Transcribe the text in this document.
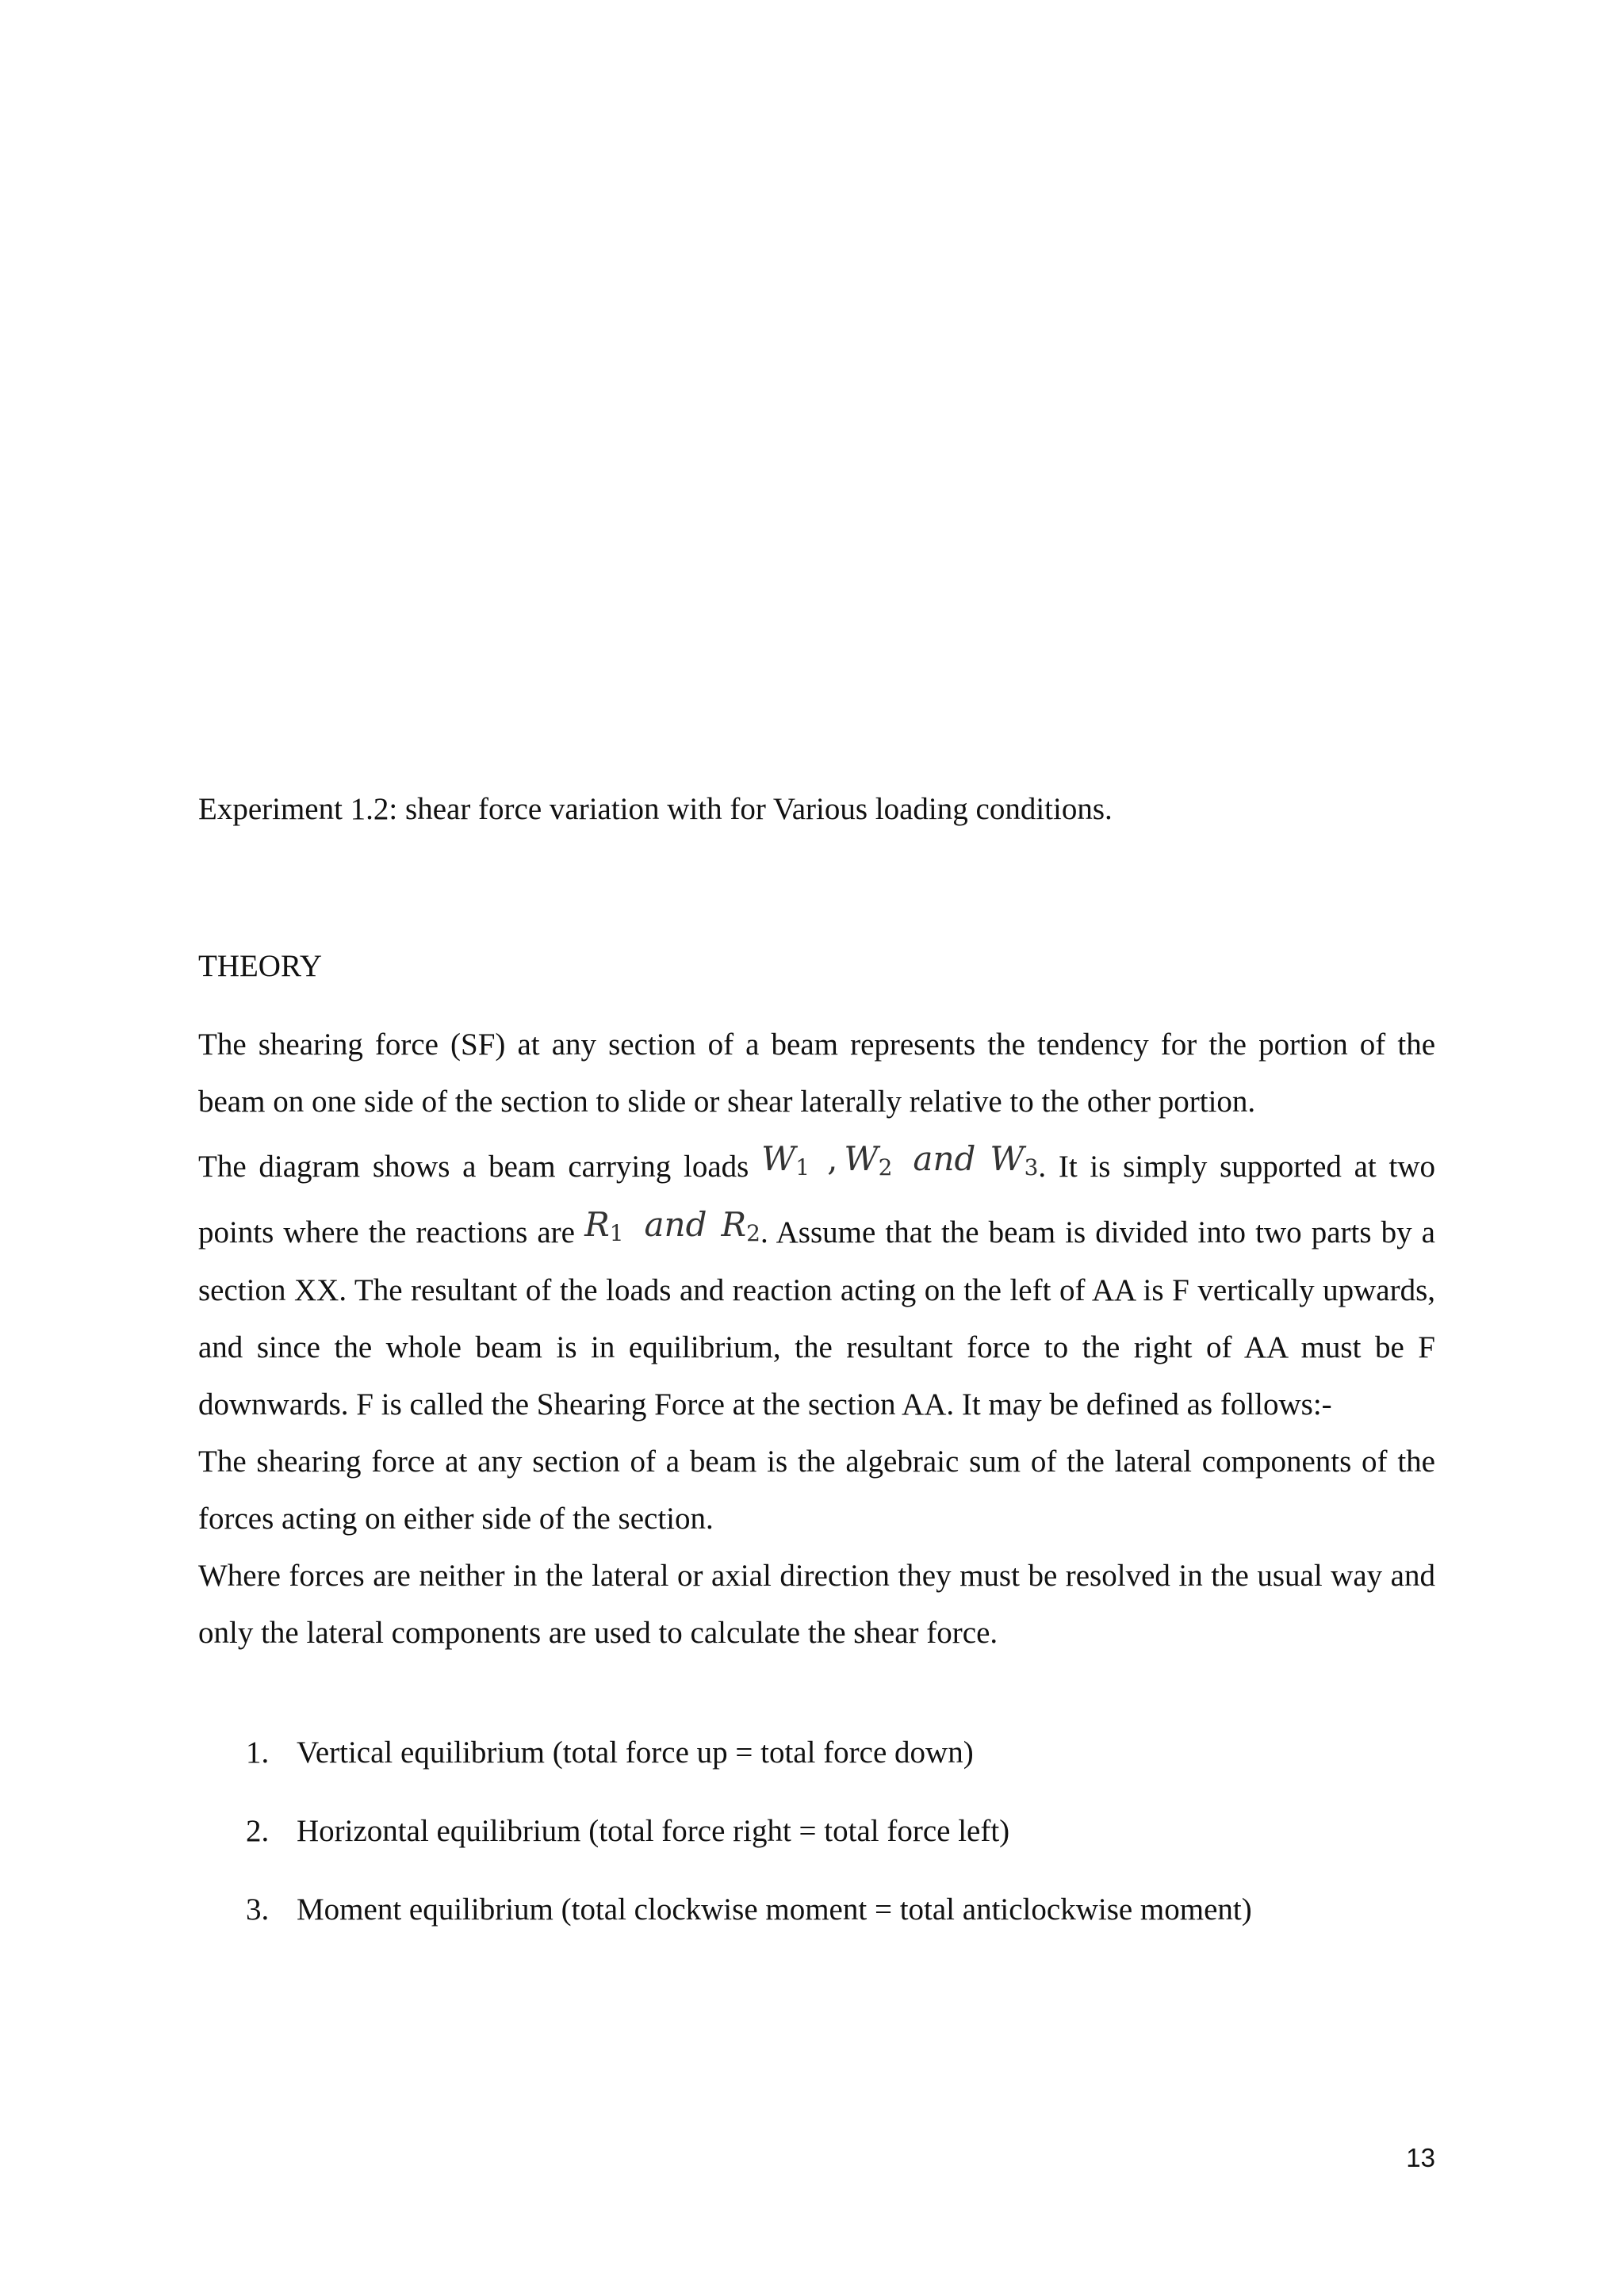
Experiment 1.2: shear force variation with for Various loading conditions.

THEORY

The shearing force (SF) at any section of a beam represents the tendency for the portion of the beam on one side of the section to slide or shear laterally relative to the other portion.

The diagram shows a beam carrying loads $W_1$ , $W_2$ and $W_3$. It is simply supported at two points where the reactions are $R_1$ and $R_2$. Assume that the beam is divided into two parts by a section XX. The resultant of the loads and reaction acting on the left of AA is F vertically upwards, and since the whole beam is in equilibrium, the resultant force to the right of AA must be F downwards. F is called the Shearing Force at the section AA. It may be defined as follows:-

The shearing force at any section of a beam is the algebraic sum of the lateral components of the forces acting on either side of the section.

Where forces are neither in the lateral or axial direction they must be resolved in the usual way and only the lateral components are used to calculate the shear force.

1. Vertical equilibrium (total force up = total force down)
2. Horizontal equilibrium (total force right = total force left)
3. Moment equilibrium (total clockwise moment = total anticlockwise moment)
13
